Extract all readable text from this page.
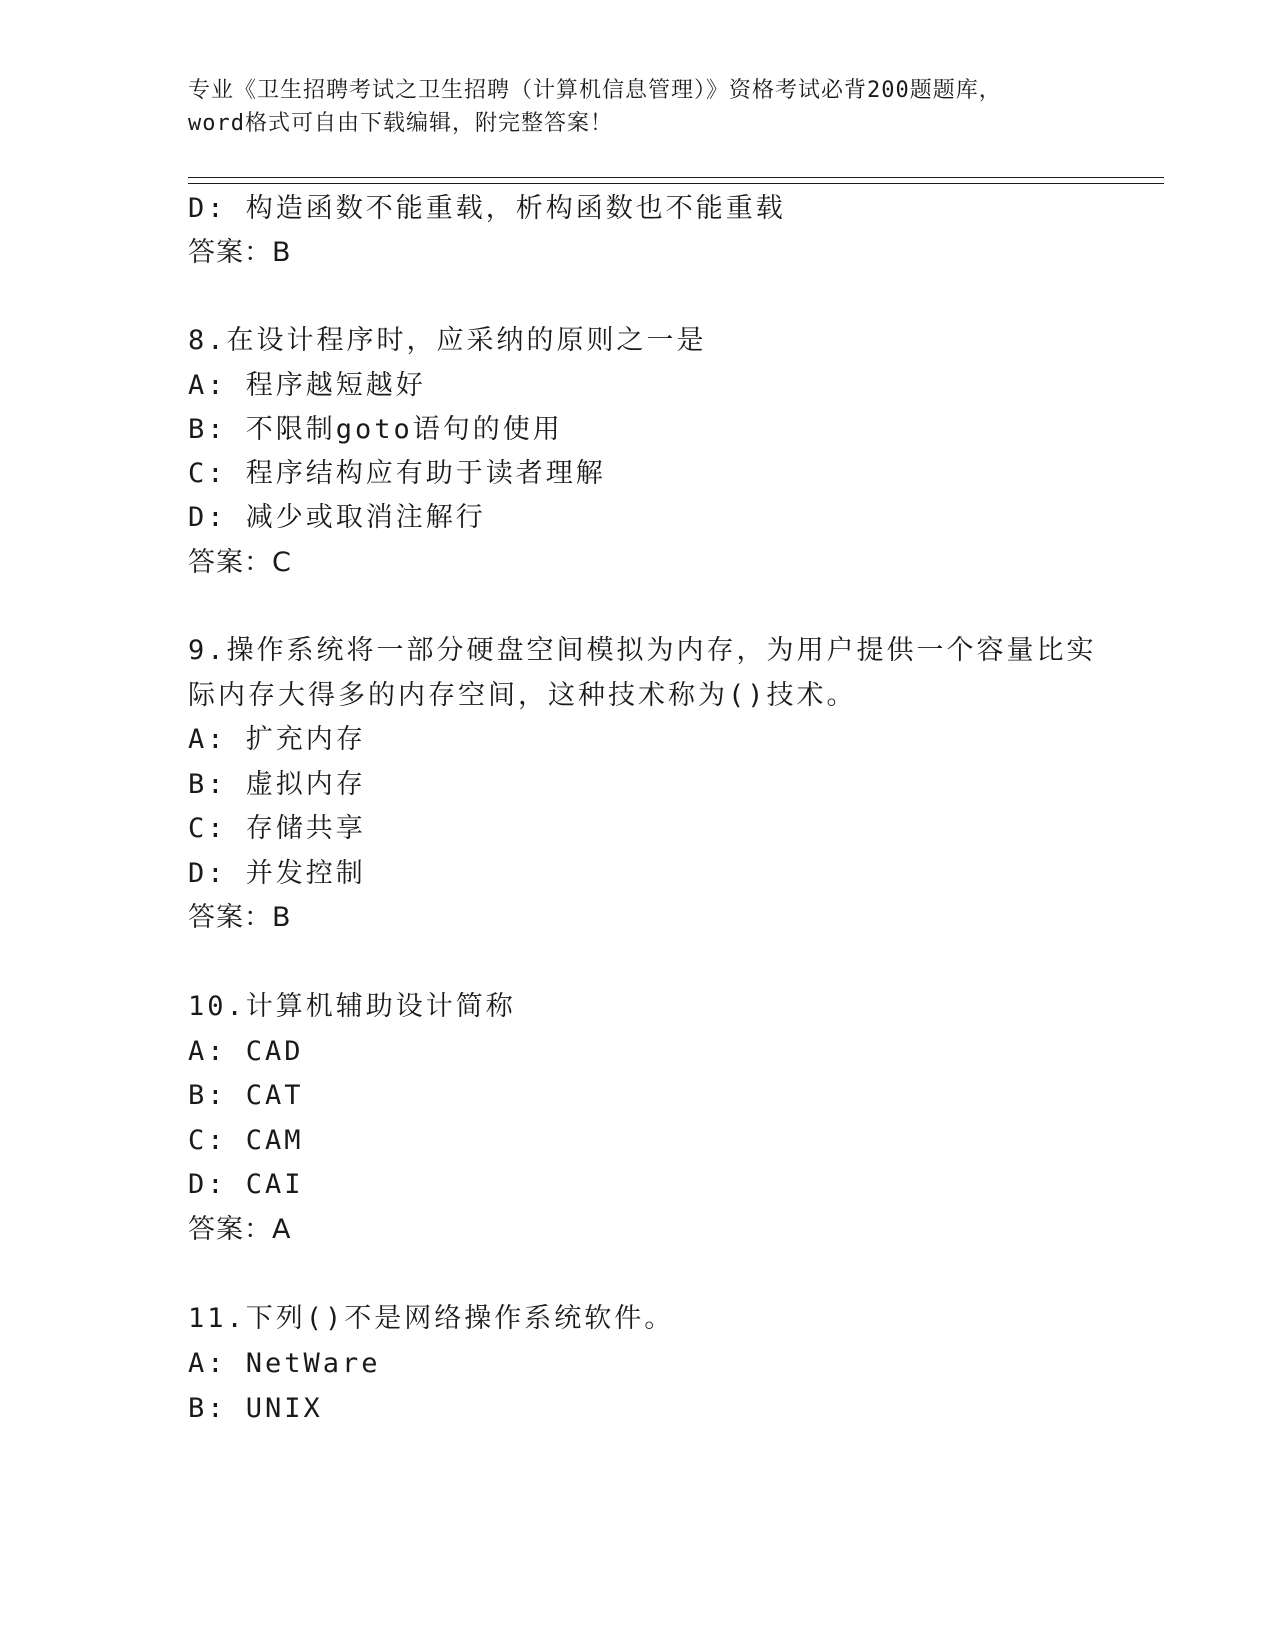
专业《卫生招聘考试之卫生招聘（计算机信息管理）》资格考试必背200题题库，
word格式可自由下载编辑，附完整答案！
D: 构造函数不能重载，析构函数也不能重载
答案：B
8.在设计程序时，应采纳的原则之一是
A: 程序越短越好
B: 不限制goto语句的使用
C: 程序结构应有助于读者理解
D: 减少或取消注解行
答案：C
9.操作系统将一部分硬盘空间模拟为内存，为用户提供一个容量比实
际内存大得多的内存空间，这种技术称为()技术。
A: 扩充内存
B: 虚拟内存
C: 存储共享
D: 并发控制
答案：B
10.计算机辅助设计简称
A: CAD
B: CAT
C: CAM
D: CAI
答案：A
11.下列()不是网络操作系统软件。
A: NetWare
B: UNIX
